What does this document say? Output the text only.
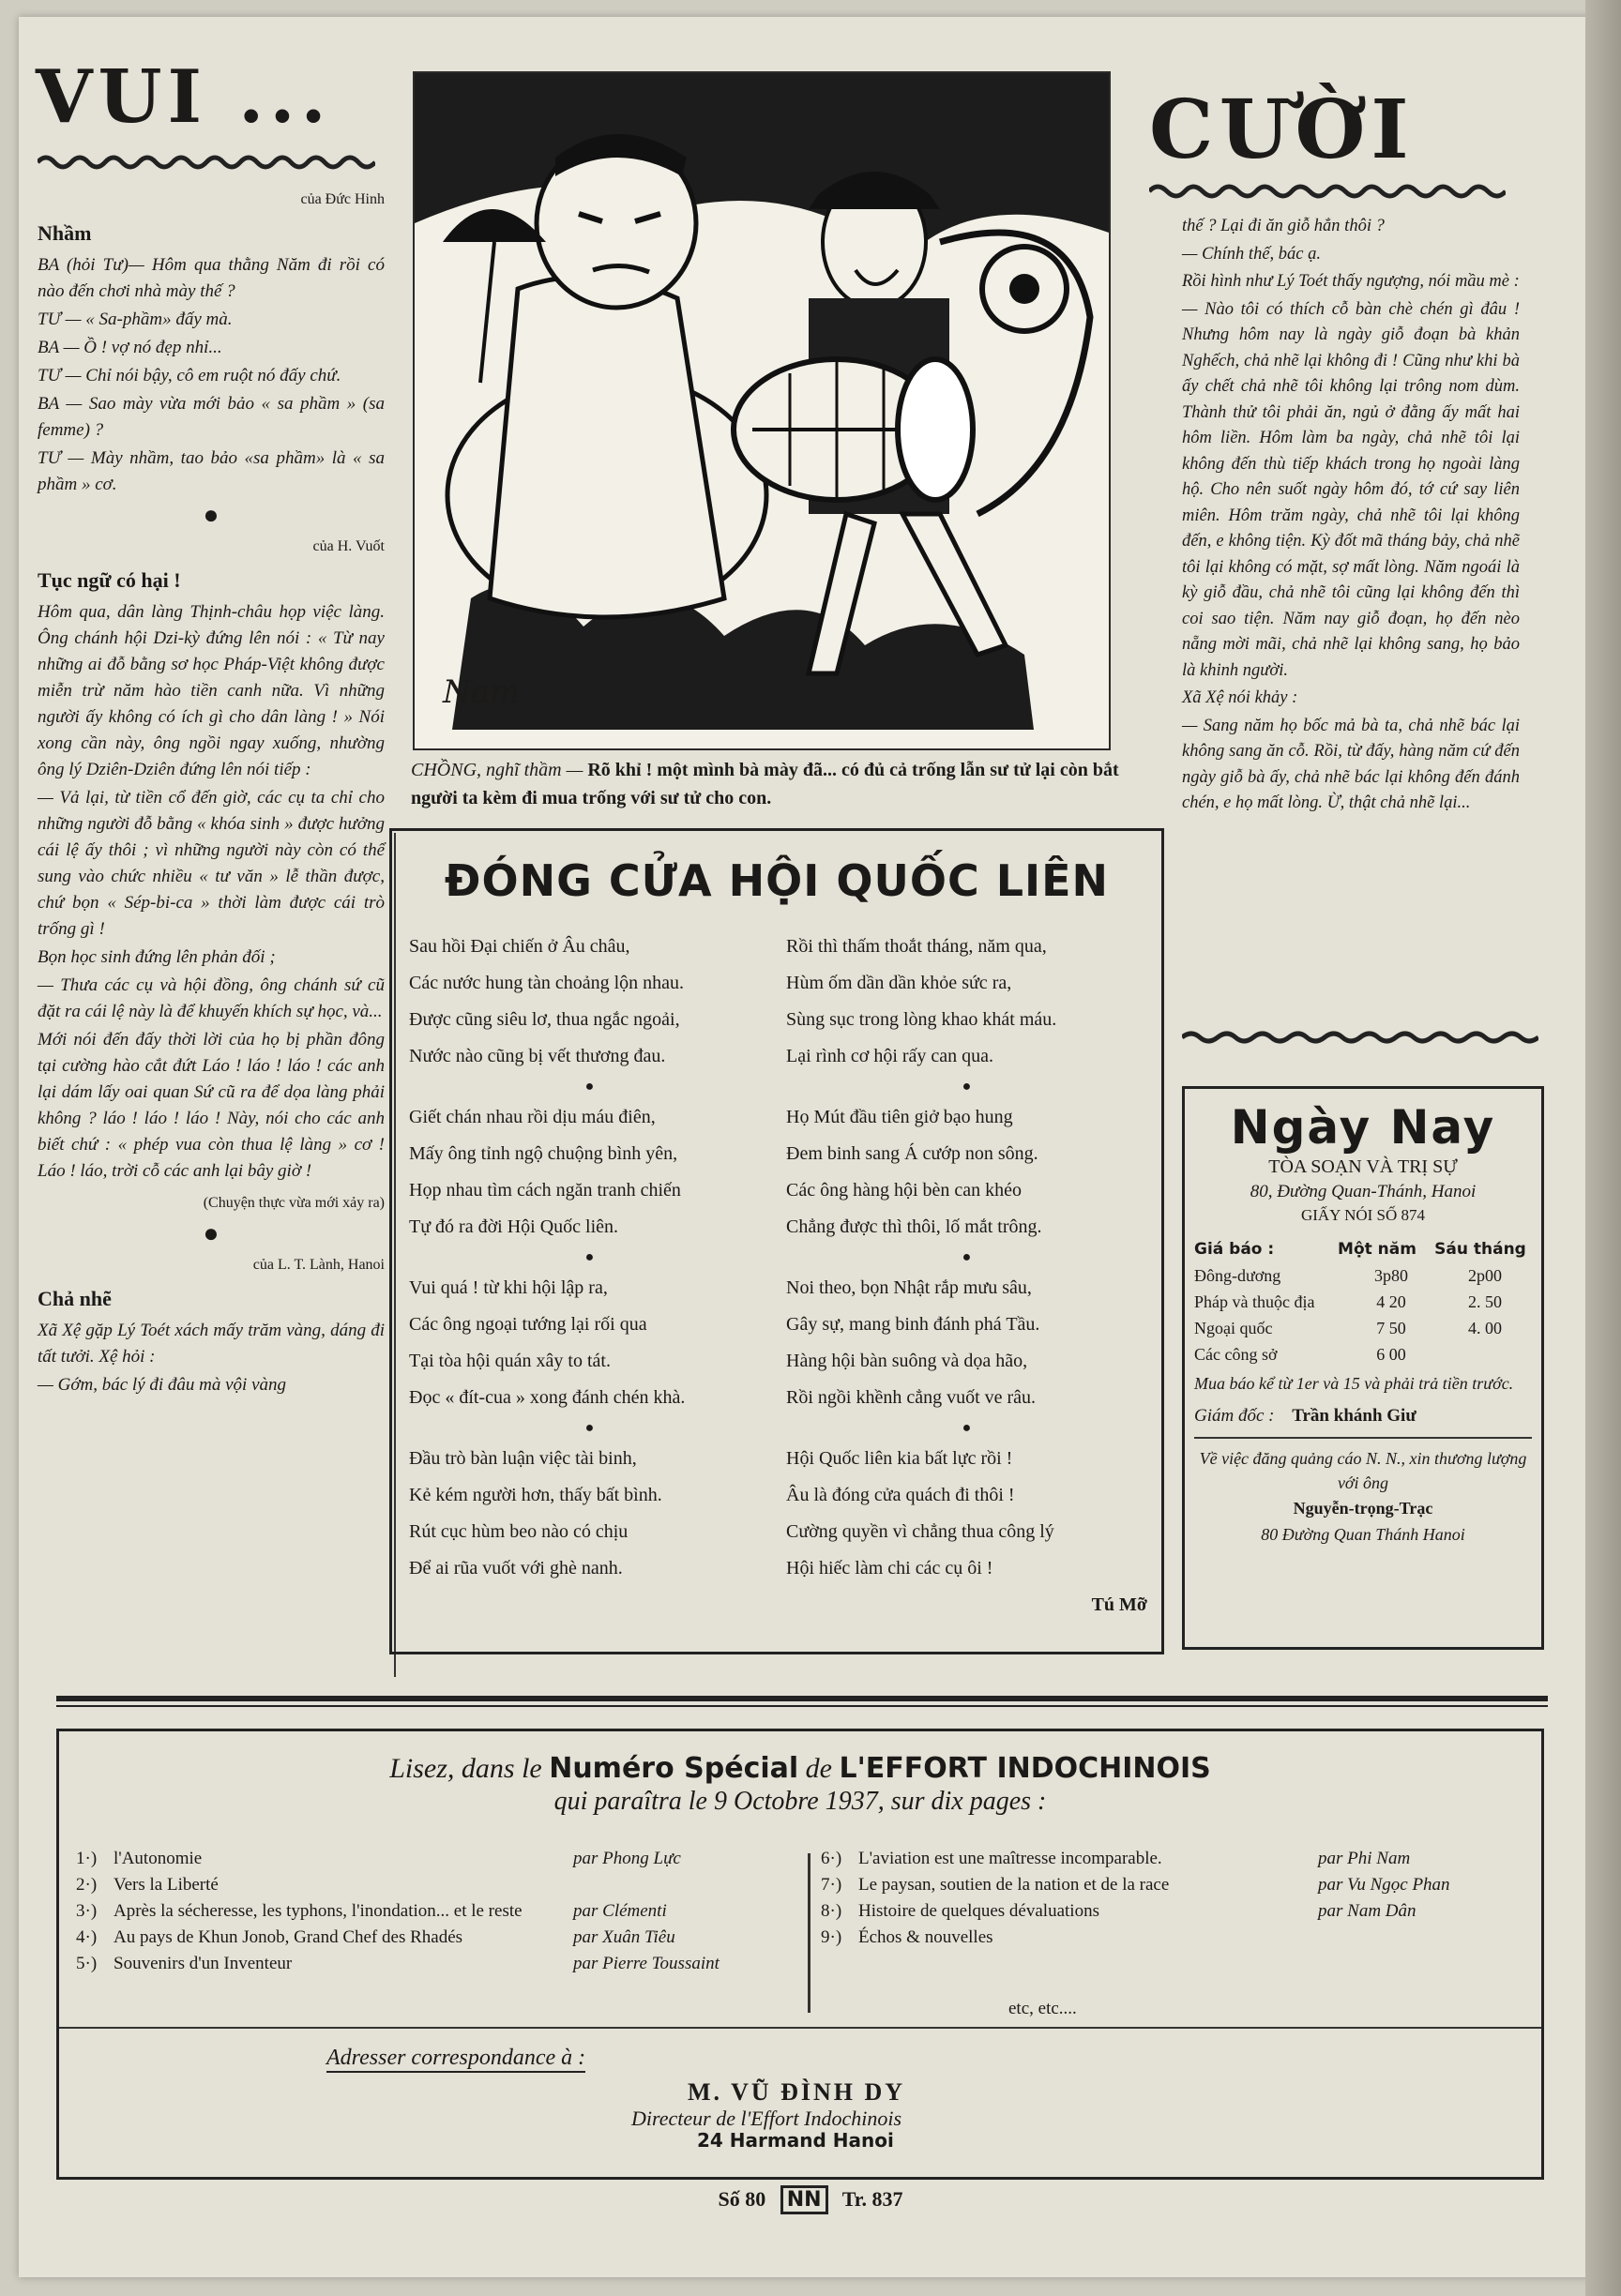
VUI ...
của Đức Hinh
Nhầm

BA (hỏi Tư)— Hôm qua thằng Năm đi rồi có nào đến chơi nhà mày thế ?

TƯ — « Sa-phầm» đấy mà.

BA — Ồ ! vợ nó đẹp nhỉ...

TƯ — Chỉ nói bậy, cô em ruột nó đấy chứ.

BA — Sao mày vừa mới bảo « sa phầm » (sa femme) ?

TƯ — Mày nhầm, tao bảo «sa phầm» là « sa phầm » cơ.

●
của H. Vuốt
Tục ngữ có hại !

Hôm qua, dân làng Thịnh-châu họp việc làng. Ông chánh hội Dzi-kỳ đứng lên nói : « Từ nay những ai đỗ bằng sơ học Pháp-Việt không được miễn trừ năm hào tiền canh nữa. Vì những người ấy không có ích gì cho dân làng ! » Nói xong cần này, ông ngồi ngay xuống, nhường ông lý Dziên-Dziên đứng lên nói tiếp :

— Vả lại, từ tiền cổ đến giờ, các cụ ta chỉ cho những người đỗ bằng « khóa sinh » được hưởng cái lệ ấy thôi ; vì những người này còn có thể sung vào chức nhiều « tư văn » lễ thần được, chứ bọn « Sép-bi-ca » thời làm được cái trò trống gì !

Bọn học sinh đứng lên phản đối ;

— Thưa các cụ và hội đồng, ông chánh sứ cũ đặt ra cái lệ này là để khuyến khích sự học, và...

Mới nói đến đấy thời lời của họ bị phần đông tại cường hào cắt đứt Láo ! láo ! láo ! các anh lại dám lấy oai quan Sứ cũ ra để dọa làng phải không ? láo ! láo ! láo ! Này, nói cho các anh biết chứ : « phép vua còn thua lệ làng » cơ ! Láo ! láo, trời cỗ các anh lại bây giờ !

(Chuyện thực vừa mới xảy ra)
●
của L. T. Lành, Hanoi
Chả nhẽ

Xã Xệ gặp Lý Toét xách mấy trăm vàng, dáng đi tất tưởi. Xệ hỏi :

— Gớm, bác lý đi đâu mà vội vàng

Nam
CHỒNG, nghĩ thầm — Rõ khỉ ! một mình bà mày đã... có đủ cả trống lẫn sư tử lại còn bắt người ta kèm đi mua trống với sư tử cho con.
CƯỜI

thế ? Lại đi ăn giỗ hẳn thôi ?

— Chính thế, bác ạ.

Rồi hình như Lý Toét thấy ngượng, nói mầu mè :

— Nào tôi có thích cỗ bàn chè chén gì đâu ! Nhưng hôm nay là ngày giỗ đoạn bà khản Nghếch, chả nhẽ lại không đi ! Cũng như khi bà ấy chết chả nhẽ tôi không lại trông nom dùm. Thành thử tôi phải ăn, ngủ ở đằng ấy mất hai hôm liền. Hôm làm ba ngày, chả nhẽ tôi lại không đến thù tiếp khách trong họ ngoài làng hộ. Cho nên suốt ngày hôm đó, tớ cứ say liên miên. Hôm trăm ngày, chả nhẽ tôi lại không đến, e không tiện. Kỳ đốt mã tháng bảy, chả nhẽ tôi lại không có mặt, sợ mất lòng. Năm ngoái là kỳ giỗ đầu, chả nhẽ tôi cũng lại không đến thì coi sao tiện. Năm nay giỗ đoạn, họ đến nèo nẵng mời mãi, chả nhẽ lại không sang, họ bảo là khinh người.

Xã Xệ nói khảy :

— Sang năm họ bốc mả bà ta, chả nhẽ bác lại không sang ăn cỗ. Rồi, từ đấy, hàng năm cứ đến ngày giỗ bà ấy, chả nhẽ bác lại không đến đánh chén, e họ mất lòng. Ừ, thật chả nhẽ lại...

ĐÓNG CỬA HỘI QUỐC LIÊN
Sau hồi Đại chiến ở Âu châu,
Các nước hung tàn choảng lộn nhau.
Được cũng siêu lơ, thua ngắc ngoải,
Nước nào cũng bị vết thương đau.
●
Giết chán nhau rồi dịu máu điên,
Mấy ông tỉnh ngộ chuộng bình yên,
Họp nhau tìm cách ngăn tranh chiến
Tự đó ra đời Hội Quốc liên.
●
Vui quá ! từ khi hội lập ra,
Các ông ngoại tướng lại rối qua
Tại tòa hội quán xây to tát.
Đọc « đít-cua » xong đánh chén khà.
●
Đầu trò bàn luận việc tài binh,
Kẻ kém người hơn, thấy bất bình.
Rút cục hùm beo nào có chịu
Để ai rũa vuốt với ghè nanh.
Rồi thì thấm thoắt tháng, năm qua,
Hùm ốm dần dần khỏe sức ra,
Sùng sục trong lòng khao khát máu.
Lại rình cơ hội rấy can qua.
●
Họ Mút đầu tiên giở bạo hung
Đem binh sang Á cướp non sông.
Các ông hàng hội bèn can khéo
Chẳng được thì thôi, lố mắt trông.
●
Noi theo, bọn Nhật rắp mưu sâu,
Gây sự, mang binh đánh phá Tầu.
Hàng hội bàn suông và dọa hão,
Rồi ngồi khềnh cẳng vuốt ve râu.
●
Hội Quốc liên kia bất lực rồi !
Âu là đóng cửa quách đi thôi !
Cường quyền vì chẳng thua công lý
Hội hiếc làm chi các cụ ôi !
Tú Mỡ
Ngày Nay
TÒA SOẠN VÀ TRỊ SỰ
80, Đường Quan-Thánh, Hanoi
GIẤY NÓI SỐ 874
Giá báo :	Một năm	Sáu tháng
Đông-dương	3p80	2p00
Pháp và thuộc địa	4 20	2. 50
Ngoại quốc	7 50	4. 00
Các công sở	6 00
Mua báo kể từ 1er và 15 và phải trả tiền trước.
Giám đốc : Trần khánh Giư
Về việc đăng quảng cáo N. N., xin thương lượng với ông
Nguyễn-trọng-Trạc
80 Đường Quan Thánh Hanoi
Lisez, dans le Numéro Spécial de L'EFFORT INDOCHINOIS
qui paraîtra le 9 Octobre 1937, sur dix pages :
1·) l'Autonomie	par Phong Lực
2·) Vers la Liberté
3·) Après la sécheresse, les typhons, l'inondation... et le reste	par Clémenti
4·) Au pays de Khun Jonob, Grand Chef des Rhadés	par Xuân Tiêu
5·) Souvenirs d'un Inventeur	par Pierre Toussaint
6·) L'aviation est une maîtresse incomparable.	par Phi Nam
7·) Le paysan, soutien de la nation et de la race	par Vu Ngọc Phan
8·) Histoire de quelques dévaluations	par Nam Dân
9·) Échos & nouvelles
etc, etc....
Adresser correspondance à :
M. VŨ ĐÌNH DY
Directeur de l'Effort Indochinois
24 Harmand Hanoi
Số 80 NN Tr. 837
